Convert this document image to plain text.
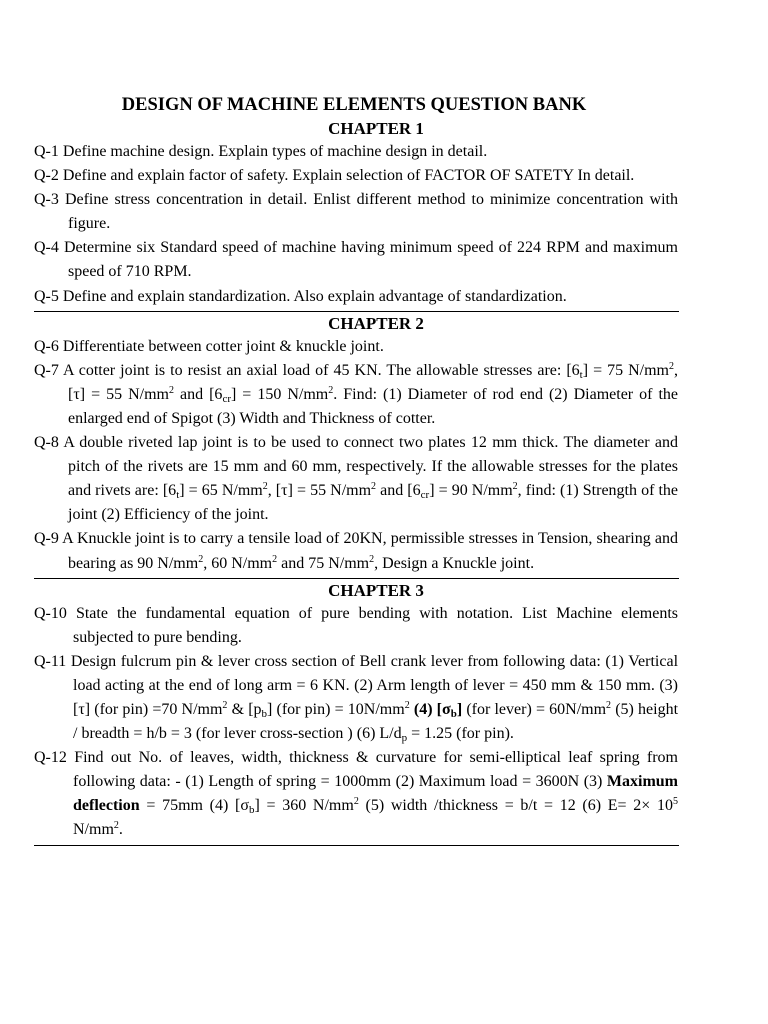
DESIGN OF MACHINE ELEMENTS QUESTION BANK
CHAPTER 1
Q-1 Define machine design. Explain types of machine design in detail.
Q-2 Define and explain factor of safety. Explain selection of FACTOR OF SATETY In detail.
Q-3 Define stress concentration in detail. Enlist different method to minimize concentration with figure.
Q-4 Determine six Standard speed of machine having minimum speed of 224 RPM and maximum speed of 710 RPM.
Q-5 Define and explain standardization. Also explain advantage of standardization.
CHAPTER 2
Q-6 Differentiate between cotter joint & knuckle joint.
Q-7 A cotter joint is to resist an axial load of 45 KN. The allowable stresses are: $[6_t] = 75$ $N/mm^2$, [τ] = 55 $N/mm^2$ and $[6_{cr}] = 150$ $N/mm^2$. Find: (1) Diameter of rod end (2) Diameter of the enlarged end of Spigot (3) Width and Thickness of cotter.
Q-8 A double riveted lap joint is to be used to connect two plates 12 mm thick. The diameter and pitch of the rivets are 15 mm and 60 mm, respectively. If the allowable stresses for the plates and rivets are: $[6_t] = 65$ $N/mm^2$, [τ] = 55 $N/mm^2$ and $[6_{cr}] = 90$ $N/mm^2$, find: (1) Strength of the joint (2) Efficiency of the joint.
Q-9 A Knuckle joint is to carry a tensile load of 20KN, permissible stresses in Tension, shearing and bearing as 90 $N/mm^2$, 60 $N/mm^2$ and 75 $N/mm^2$, Design a Knuckle joint.
CHAPTER 3
Q-10 State the fundamental equation of pure bending with notation. List Machine elements subjected to pure bending.
Q-11 Design fulcrum pin & lever cross section of Bell crank lever from following data: (1) Vertical load acting at the end of long arm = 6 KN. (2) Arm length of lever = 450 mm & 150 mm. (3) [τ] (for pin) =70 $N/mm^2$ & $[p_b]$ (for $pin) = 10N/mm^2$ (4) $[\sigma_b]$ (for lever) = $60N/mm^2$ (5) height / breadth = h/b = 3 (for lever cross-section ) (6) $L/d_p = 1.25$ (for pin).
Q-12 Find out No. of leaves, width, thickness & curvature for semi-elliptical leaf spring from following data: - (1) Length of spring = 1000mm (2) Maximum load = 3600N (3) Maximum deflection = 75mm (4) $[\sigma_b] = 360$ $N/mm^2$ (5) width /thickness = b/t = 12 (6) $E= 2\times 10^5$ $N/mm^2$.
